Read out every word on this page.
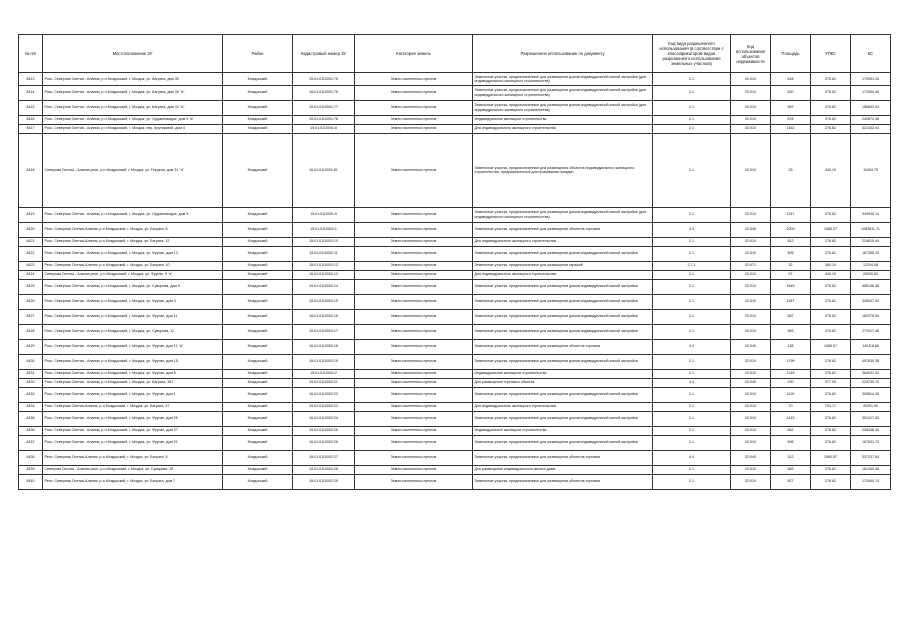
№ п/п	Местоположение ЗУ	Район	Кадастровый номер ЗУ	Категория земель	Разрешенное использование по документу	Код вида разрешенного использования (в соответствии с классификатором видов разрешенного использования земельных участков)	Код использования объектов недвижимости	Площадь	УПКС	КС
8413	Росс. Северная Осетия - Алания, р-н Моздокский, г. Моздок, ул. Баграта, дом 30	Моздокский	15:01:0110001:75	Земли населенных пунктов	Земельные участки, предназначенные для размещения домов индивидуальной жилой застройки (для индивидуального жилищного строительства)	2.1	02:010	618	276.62	170951.16
8414	Росс. Северная Осетия - Алания, р-н Моздокский, г. Моздок, ул. Баграта, дом 30 "а"	Моздокский	15:01:0110001:76	Земли населенных пунктов	Земельные участки, предназначенные для размещения домов индивидуальной жилой застройки (для индивидуального жилищного строительства)	2.1	02:010	620	276.62	171504.40
8415	Росс. Северная Осетия - Алания, р-н Моздокский, г. Моздок, ул. Баграта, дом 32 "а"	Моздокский	15:01:0110001:77	Земли населенных пунктов	Земельные участки, предназначенные для размещения домов индивидуальной жилой застройки (для индивидуального жилищного строительства)	2.1	02:010	567	276.62	156843.54
8416	Росс. Северная Осетия - Алания, р-н Моздокский, г. Моздок, ул. Орджоникидзе, дом 9 "а"	Моздокский	15:01:0110001:78	Земли населенных пунктов	Индивидуальное жилищное строительство	2.1	02:010	878	276.62	242872.36
8417	Росс. Северная Осетия - Алания, р-н Моздокский, г. Моздок, пер. Крутиковой, дом 4	Моздокский	15:01:0110001:8	Земли населенных пунктов	Для индивидуального жилищного строительства	2.1	02:010	1162	276.62	321432.44
8418	Северная Осетия - Алания респ, р-н Моздокский, г. Моздок, ул. Герцена, дом 31 "а"	Моздокский	15:01:0110001:81	Земли населенных пунктов	Земельные участки, предназначенные для размещения объектов индивидуального жилищного строительства, предназначенных для проживания граждан	2.1	02:010	25	440.19	11004.75
8419	Росс. Северная Осетия - Алания, р-н Моздокский, г. Моздок, ул. Орджоникидзе, дом 9	Моздокский	15:01:0110001:9	Земли населенных пунктов	Земельные участки, предназначенные для размещения домов индивидуальной жилой застройки (для индивидуального жилищного строительства)	2.1	02:010	1247	276.62	344945.14
8420	Респ. Северная Осетия-Алания, р-н Моздокский, г. Моздок, ул. Баграта, 8	Моздокский	15:01:0110002:1	Земли населенных пунктов	Земельные участки, предназначенные для размещения объектов торговли	4.4	02:040	1003	1080.57	1083811.71
8421	Росс. Северная Осетия-Алания, р-н Моздокский, г. Моздок, ул. Баграта, 12	Моздокский	15:01:0110002:10	Земли населенных пунктов	Для индивидуального жилищного строительства	2.1	02:010	812	276.62	224615.44
8422	Росс. Северная Осетия - Алания, р-н Моздокский, г. Моздок, ул. Фрунзе, дом 13	Моздокский	15:01:0110002:11	Земли населенных пунктов	Земельные участки, предназначенные для размещения домов индивидуальной жилой застройки	2.1	02:010	605	276.62	167355.10
8423	Респ. Северная Осетия-Алания, р-н Моздокский, г. Моздок, ул. Баграта, 10	Моздокский	15:01:0110002:12	Земли населенных пунктов	Земельные участки, предназначенные для размещения гаражей	2.7.1	02:071	32	384.19	12294.08
8424	Северная Осетия - Алания респ, р-н Моздокский, г. Моздок, ул. Фрунзе, 9 "а"	Моздокский	15:01:0110002:13	Земли населенных пунктов	Для индивидуального жилищного строительства	2.1	02:010	57	440.19	25090.83
8425	Росс. Северная Осетия - Алания, р-н Моздокский, г. Моздок, ул. Суворова, дом 9	Моздокский	15:01:0110002:14	Земли населенных пунктов	Земельные участки, предназначенные для размещения домов индивидуальной жилой застройки	2.1	02:010	1649	276.62	456146.38
8426	Росс. Северная Осетия - Алания, р-н Моздокский, г. Моздок, ул. Фрунзе, дом 3	Моздокский	15:01:0110002:15	Земли населенных пунктов	Земельные участки, предназначенные для размещения домов индивидуальной жилой застройки	2.1	02:010	1187	276.62	328347.94
8427	Росс. Северная Осетия - Алания, р-н Моздокский, г. Моздок, ул. Фрунзе, дом 11	Моздокский	15:01:0110002:16	Земли населенных пунктов	Земельные участки, предназначенные для размещения домов индивидуальной жилой застройки	2.1	02:010	587	276.62	162375.94
8428	Росс. Северная Осетия - Алания, р-н Моздокский, г. Моздок, ул. Суворова, 11	Моздокский	15:01:0110002:17	Земли населенных пунктов	Земельные участки, предназначенные для размещения домов индивидуальной жилой застройки	2.1	02:010	983	276.62	271917.46
8429	Росс. Северная Осетия - Алания, р-н Моздокский, г. Моздок, ул. Фрунзе, дом 11 "а"	Моздокский	15:01:0110002:18	Земли населенных пунктов	Земельные участки, предназначенные для размещения объектов торговли	4.4	02:040	138	1080.57	149118.66
8430	Росс. Северная Осетия - Алания, р-н Моздокский, г. Моздок, ул. Фрунзе, дом 15	Моздокский	15:01:0110002:19	Земли населенных пунктов	Земельные участки, предназначенные для размещения домов индивидуальной жилой застройки	2.1	02:010	1799	276.62	497639.38
8431	Росс. Северная Осетия - Алания, р-н Моздокский, г. Моздок, ул. Фрунзе, дом 5	Моздокский	15:01:0110002:2	Земли населенных пунктов	Индивидуальное жилищное строительство	2.1	02:010	1316	276.62	364031.92
8432	Росс. Северная Осетия - Алания, р-н Моздокский, г. Моздок, ул. Баграта, 367	Моздокский	15:01:0110002:21	Земли населенных пунктов	Для размещения торгового объекта	4.4	02:040	230	977.09	224730.70
8433	Росс. Северная Осетия - Алания, р-н Моздокский, г. Моздок, ул. Фрунзе, дом 1	Моздокский	15:01:0110002:22	Земли населенных пунктов	Земельные участки, предназначенные для размещения домов индивидуальной жилой застройки	2.1	02:010	1120	276.62	309814.40
8434	Росс. Северная Осетия-Алания, р-н Моздокский, г. Моздок, ул. Баграта, 37	Моздокский	15:01:0110002:23	Земли населенных пунктов	Для индивидуального жилищного строительства	2.1	02:010	70	704.17	49291.90
8435	Росс. Северная Осетия - Алания, р-н Моздокский, г. Моздок, ул. Фрунзе, дом 25	Моздокский	15:01:0110002:24	Земли населенных пунктов	Земельные участки, предназначенные для размещения домов индивидуальной жилой застройки	2.1	02:010	1415	276.62	391417.30
8436	Росс. Северная Осетия - Алания, р-н Моздокский, г. Моздок, ул. Фрунзе, дом 27	Моздокский	15:01:0110002:25	Земли населенных пунктов	Индивидуальное жилищное строительство	2.1	02:010	862	276.62	238446.44
8437	Росс. Северная Осетия - Алания, р-н Моздокский, г. Моздок, ул. Фрунзе, дом 21	Моздокский	15:01:0110002:26	Земли населенных пунктов	Земельные участки, предназначенные для размещения домов индивидуальной жилой застройки	2.1	02:010	606	276.62	167631.72
8438	Респ. Северная Осетия-Алания, р-н Моздокский, г. Моздок, ул. Баграта, 5	Моздокский	15:01:0110002:27	Земли населенных пунктов	Земельные участки, предназначенные для размещения объектов торговли	4.4	02:040	312	1080.57	337137.84
8439	Северная Осетия - Алания респ, р-н Моздокский, г. Моздок, ул. Суворова, 28	Моздокский	15:01:0110002:28	Земли населенных пунктов	Для размещения индивидуального жилого дома	2.1	02:010	583	276.62	161269.46
8440	Респ. Северная Осетия-Алания, р-н Моздокский, г. Моздок, ул. Баграта, дом 7	Моздокский	15:01:0110002:29	Земли населенных пунктов	Земельные участки, предназначенные для размещения объектов торговли	2.1	02:010	627	276.62	173440.74
